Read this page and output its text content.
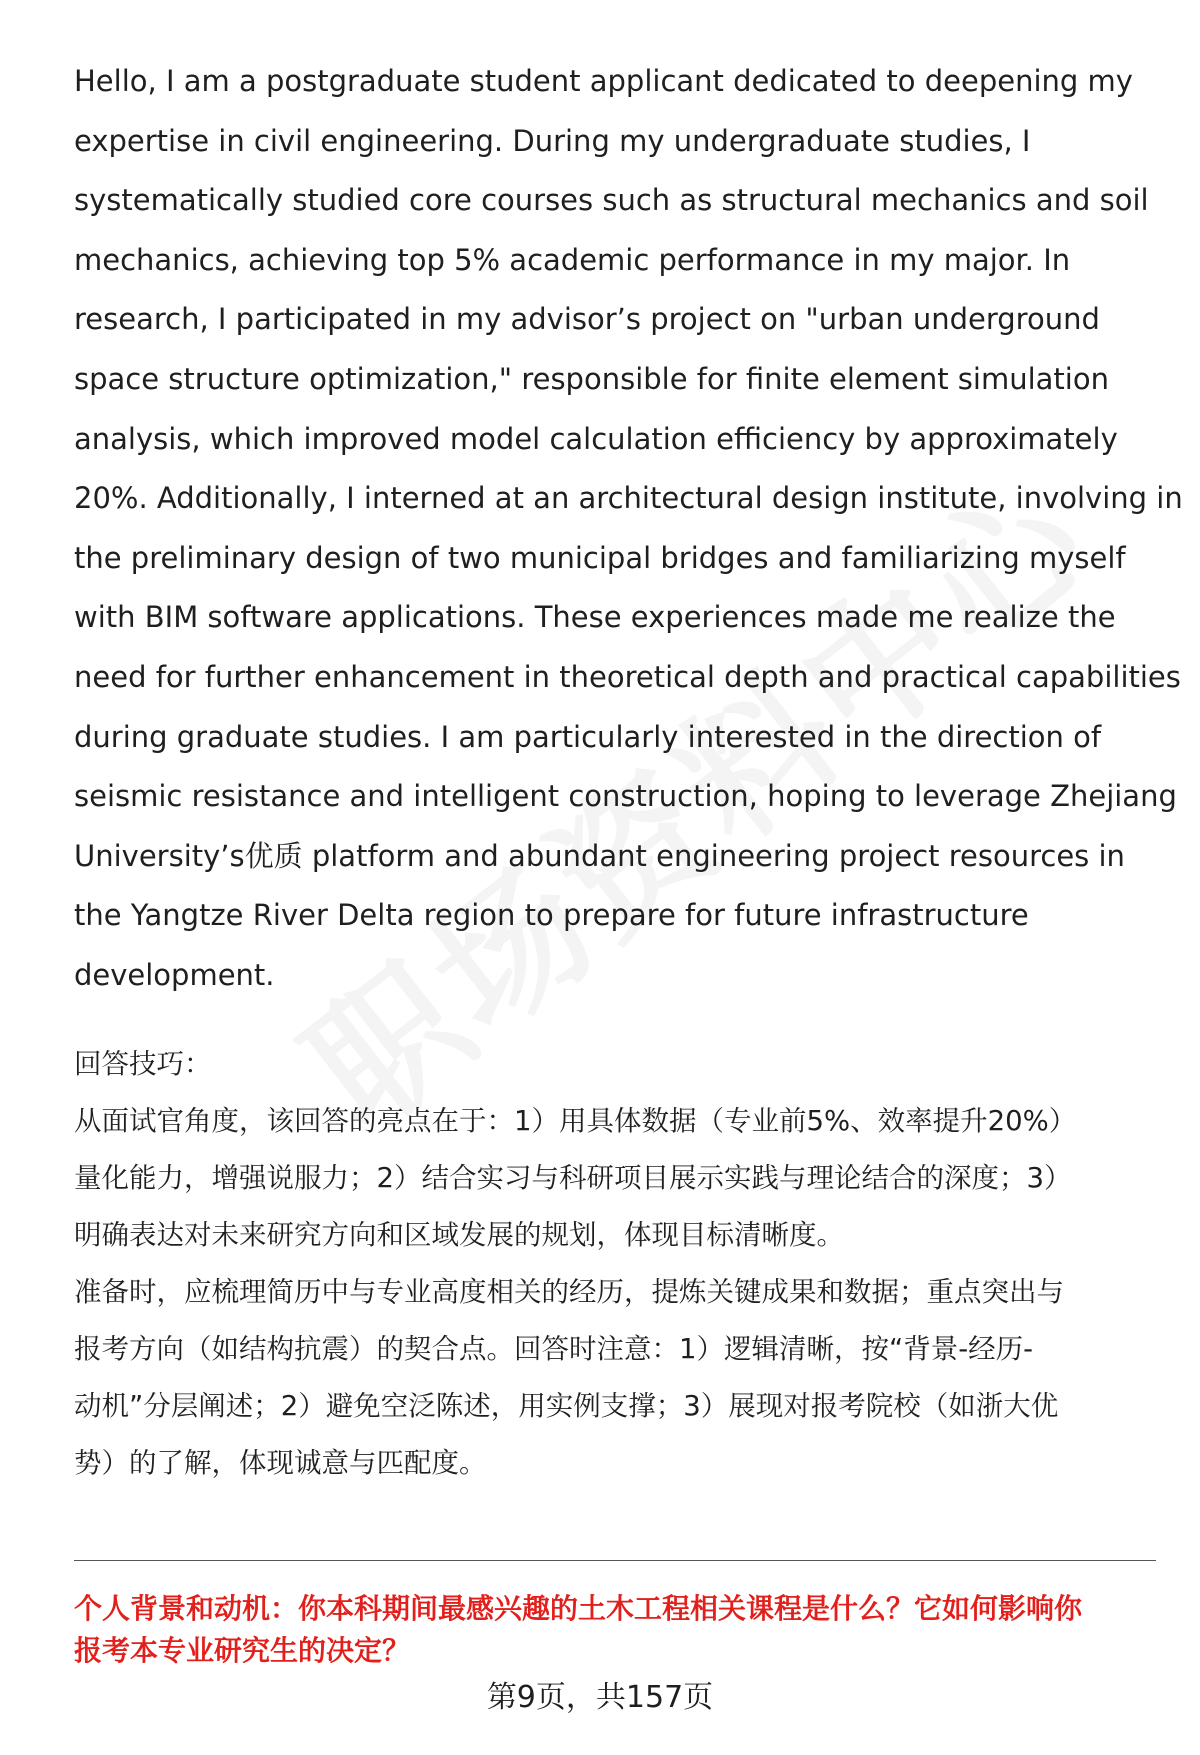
Hello, I am a postgraduate student applicant dedicated to deepening my
expertise in civil engineering. During my undergraduate studies, I
systematically studied core courses such as structural mechanics and soil
mechanics, achieving top 5% academic performance in my major. In
research, I participated in my advisor’s project on "urban underground
space structure optimization," responsible for finite element simulation
analysis, which improved model calculation efficiency by approximately
20%. Additionally, I interned at an architectural design institute, involving in
the preliminary design of two municipal bridges and familiarizing myself
with BIM software applications. These experiences made me realize the
need for further enhancement in theoretical depth and practical capabilities
during graduate studies. I am particularly interested in the direction of
seismic resistance and intelligent construction, hoping to leverage Zhejiang
University’s优质 platform and abundant engineering project resources in
the Yangtze River Delta region to prepare for future infrastructure
development.
回答技巧：
从面试官角度，该回答的亮点在于：1）用具体数据（专业前5%、效率提升20%）
量化能力，增强说服力；2）结合实习与科研项目展示实践与理论结合的深度；3）
明确表达对未来研究方向和区域发展的规划，体现目标清晰度。
准备时，应梳理简历中与专业高度相关的经历，提炼关键成果和数据；重点突出与
报考方向（如结构抗震）的契合点。回答时注意：1）逻辑清晰，按“背景-经历-
动机”分层阐述；2）避免空泛陈述，用实例支撑；3）展现对报考院校（如浙大优
势）的了解，体现诚意与匹配度。
个人背景和动机：你本科期间最感兴趣的土木工程相关课程是什么？它如何影响你
报考本专业研究生的决定？
第9页，共157页
